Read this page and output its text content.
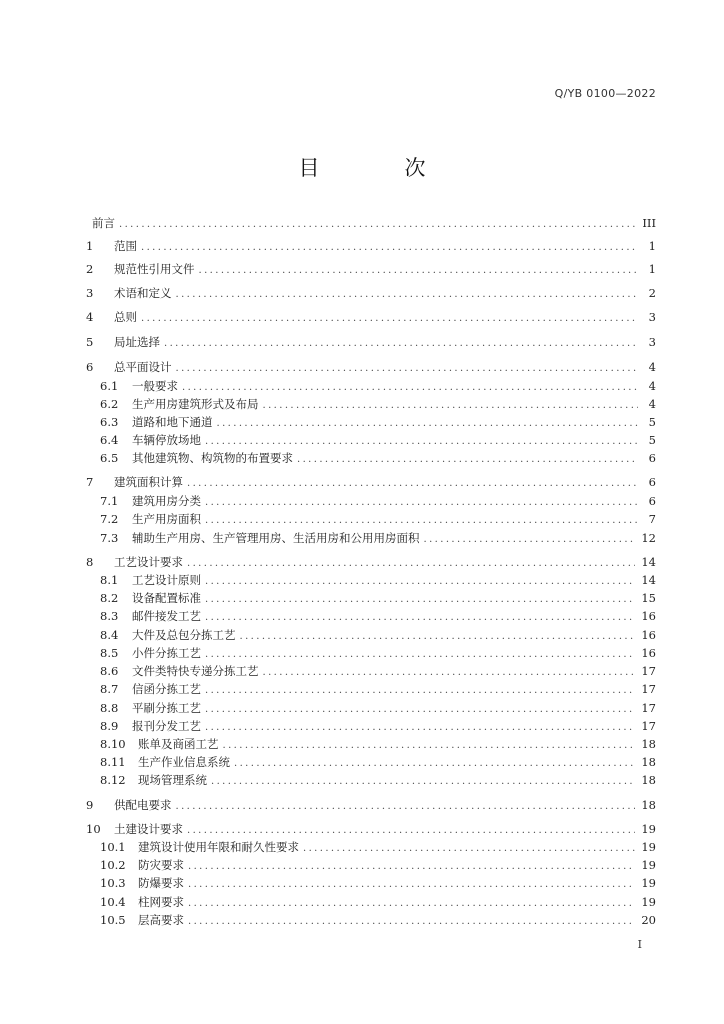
Q/YB 0100—2022
目　次
前言 .....	III
1	范围 .....	1
2	规范性引用文件 .....	1
3	术语和定义 .....	2
4	总则 .....	3
5	局址选择 .....	3
6	总平面设计 .....	4
6.1	一般要求 .....	4
6.2	生产用房建筑形式及布局 .....	4
6.3	道路和地下通道 .....	5
6.4	车辆停放场地 .....	5
6.5	其他建筑物、构筑物的布置要求 .....	6
7	建筑面积计算 .....	6
7.1	建筑用房分类 .....	6
7.2	生产用房面积 .....	7
7.3	辅助生产用房、生产管理用房、生活用房和公用用房面积 .....	12
8	工艺设计要求 .....	14
8.1	工艺设计原则 .....	14
8.2	设备配置标准 .....	15
8.3	邮件接发工艺 .....	16
8.4	大件及总包分拣工艺 .....	16
8.5	小件分拣工艺 .....	16
8.6	文件类特快专递分拣工艺 .....	17
8.7	信函分拣工艺 .....	17
8.8	平刷分拣工艺 .....	17
8.9	报刊分发工艺 .....	17
8.10	账单及商函工艺 .....	18
8.11	生产作业信息系统 .....	18
8.12	现场管理系统 .....	18
9	供配电要求 .....	18
10	土建设计要求 .....	19
10.1	建筑设计使用年限和耐久性要求 .....	19
10.2	防灾要求 .....	19
10.3	防爆要求 .....	19
10.4	柱网要求 .....	19
10.5	层高要求 .....	20
I
